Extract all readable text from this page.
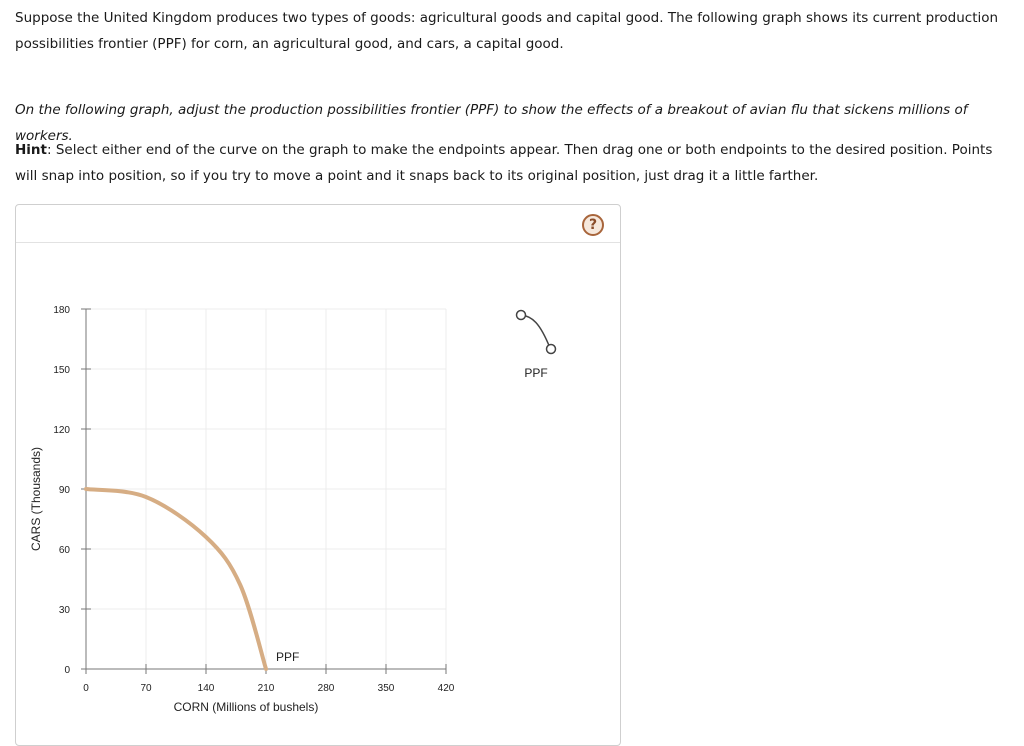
Suppose the United Kingdom produces two types of goods: agricultural goods and capital good. The following graph shows its current production possibilities frontier (PPF) for corn, an agricultural good, and cars, a capital good.

On the following graph, adjust the production possibilities frontier (PPF) to show the effects of a breakout of avian flu that sickens millions of workers.

Hint: Select either end of the curve on the graph to make the endpoints appear. Then drag one or both endpoints to the desired position. Points will snap into position, so if you try to move a point and it snaps back to its original position, just drag it a little farther.

?
0	70	140	210	280	350	420
0
30
60
90
120
150
180
PPF
CORN (Millions of bushels)
CARS (Thousands)
PPF
